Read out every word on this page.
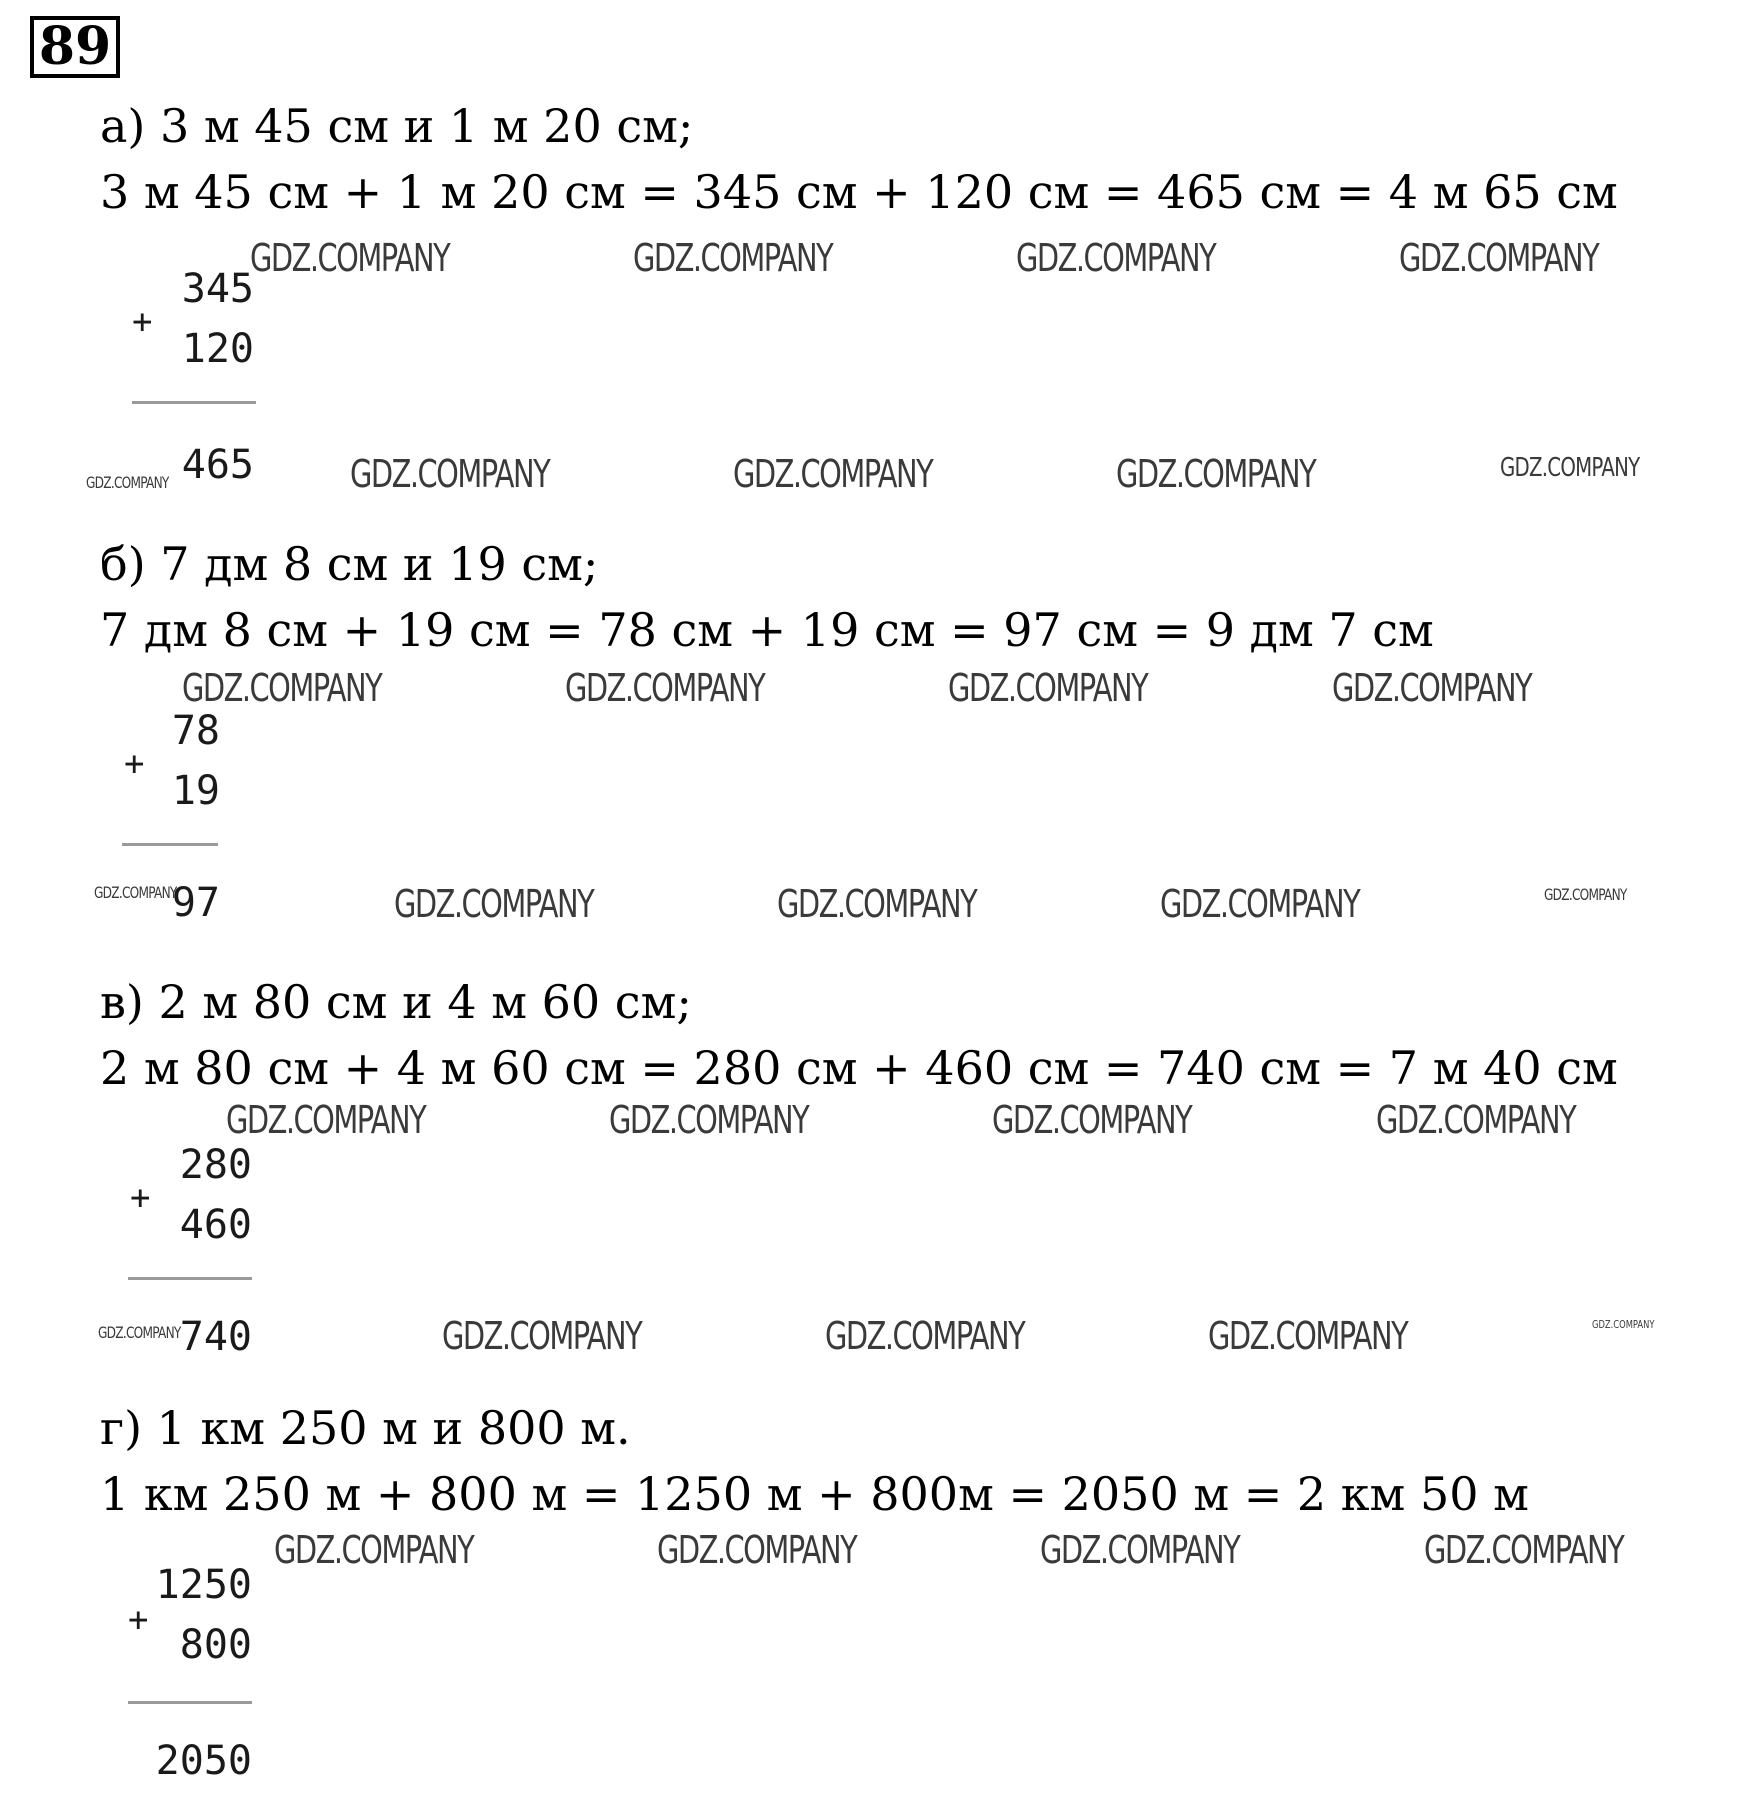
89
а) 3 м 45 см и 1 м 20 см;
3 м 45 см + 1 м 20 см = 345 см + 120 см = 465 см = 4 м 65 см
GDZ.COMPANY	GDZ.COMPANY	GDZ.COMPANY	GDZ.COMPANY
345
+
120
465
GDZ.COMPANY	GDZ.COMPANY	GDZ.COMPANY	GDZ.COMPANY	GDZ.COMPANY
б) 7 дм 8 см и 19 см;
7 дм 8 см + 19 см = 78 см + 19 см = 97 см = 9 дм 7 см
GDZ.COMPANY	GDZ.COMPANY	GDZ.COMPANY	GDZ.COMPANY
78
+
19
97
GDZ.COMPANY	GDZ.COMPANY	GDZ.COMPANY	GDZ.COMPANY	GDZ.COMPANY
в) 2 м 80 см и 4 м 60 см;
2 м 80 см + 4 м 60 см = 280 см + 460 см = 740 см = 7 м 40 см
GDZ.COMPANY	GDZ.COMPANY	GDZ.COMPANY	GDZ.COMPANY
280
+
460
740
GDZ.COMPANY	GDZ.COMPANY	GDZ.COMPANY	GDZ.COMPANY	GDZ.COMPANY
г) 1 км 250 м и 800 м.
1 км 250 м + 800 м = 1250 м + 800м = 2050 м = 2 км 50 м
GDZ.COMPANY	GDZ.COMPANY	GDZ.COMPANY	GDZ.COMPANY
1250
+
800
2050
